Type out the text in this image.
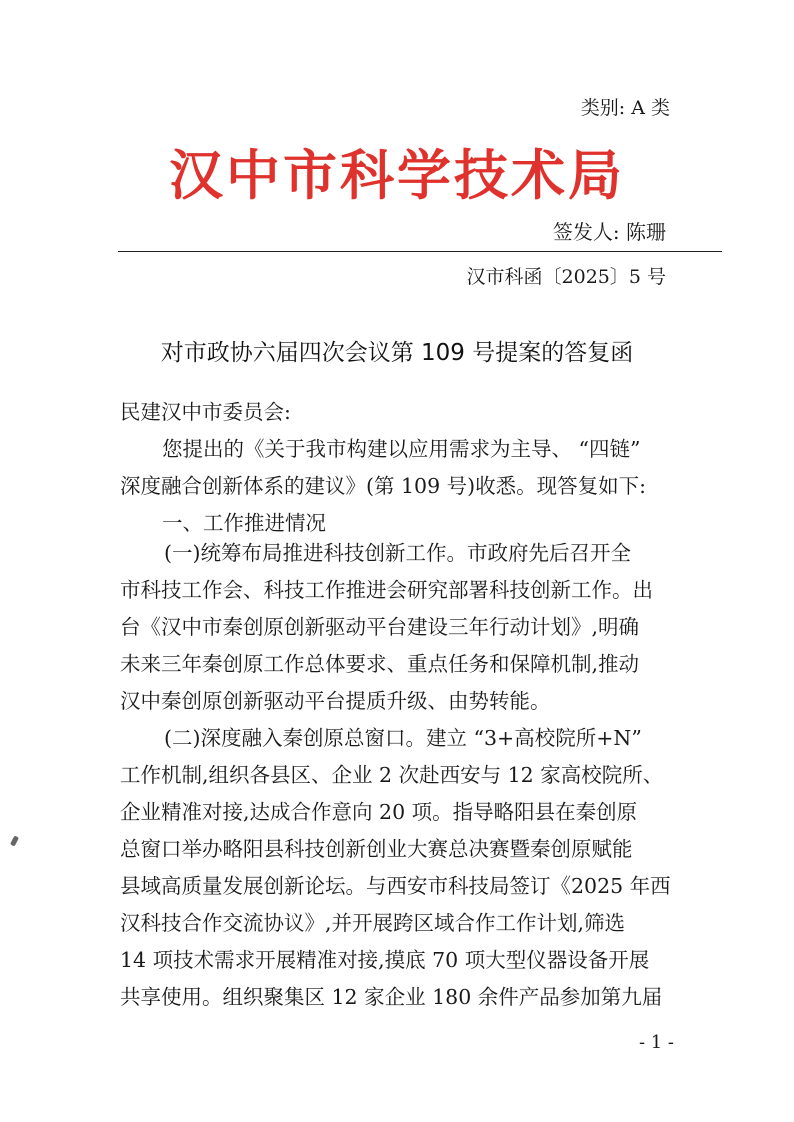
类别: A 类
汉中市科学技术局
签发人: 陈珊
汉市科函〔2025〕5 号
对市政协六届四次会议第 109 号提案的答复函
民建汉中市委员会:
您提出的《关于我市构建以应用需求为主导、 “四链”
深度融合创新体系的建议》(第 109 号)收悉。现答复如下:
一、工作推进情况
(一)统筹布局推进科技创新工作。市政府先后召开全
市科技工作会、科技工作推进会研究部署科技创新工作。出
台《汉中市秦创原创新驱动平台建设三年行动计划》,明确
未来三年秦创原工作总体要求、重点任务和保障机制,推动
汉中秦创原创新驱动平台提质升级、由势转能。
(二)深度融入秦创原总窗口。建立 “3+高校院所+N”
工作机制,组织各县区、企业 2 次赴西安与 12 家高校院所、
企业精准对接,达成合作意向 20 项。指导略阳县在秦创原
总窗口举办略阳县科技创新创业大赛总决赛暨秦创原赋能
县域高质量发展创新论坛。与西安市科技局签订《2025 年西
汉科技合作交流协议》,并开展跨区域合作工作计划,筛选
14 项技术需求开展精准对接,摸底 70 项大型仪器设备开展
共享使用。组织聚集区 12 家企业 180 余件产品参加第九届
- 1 -
